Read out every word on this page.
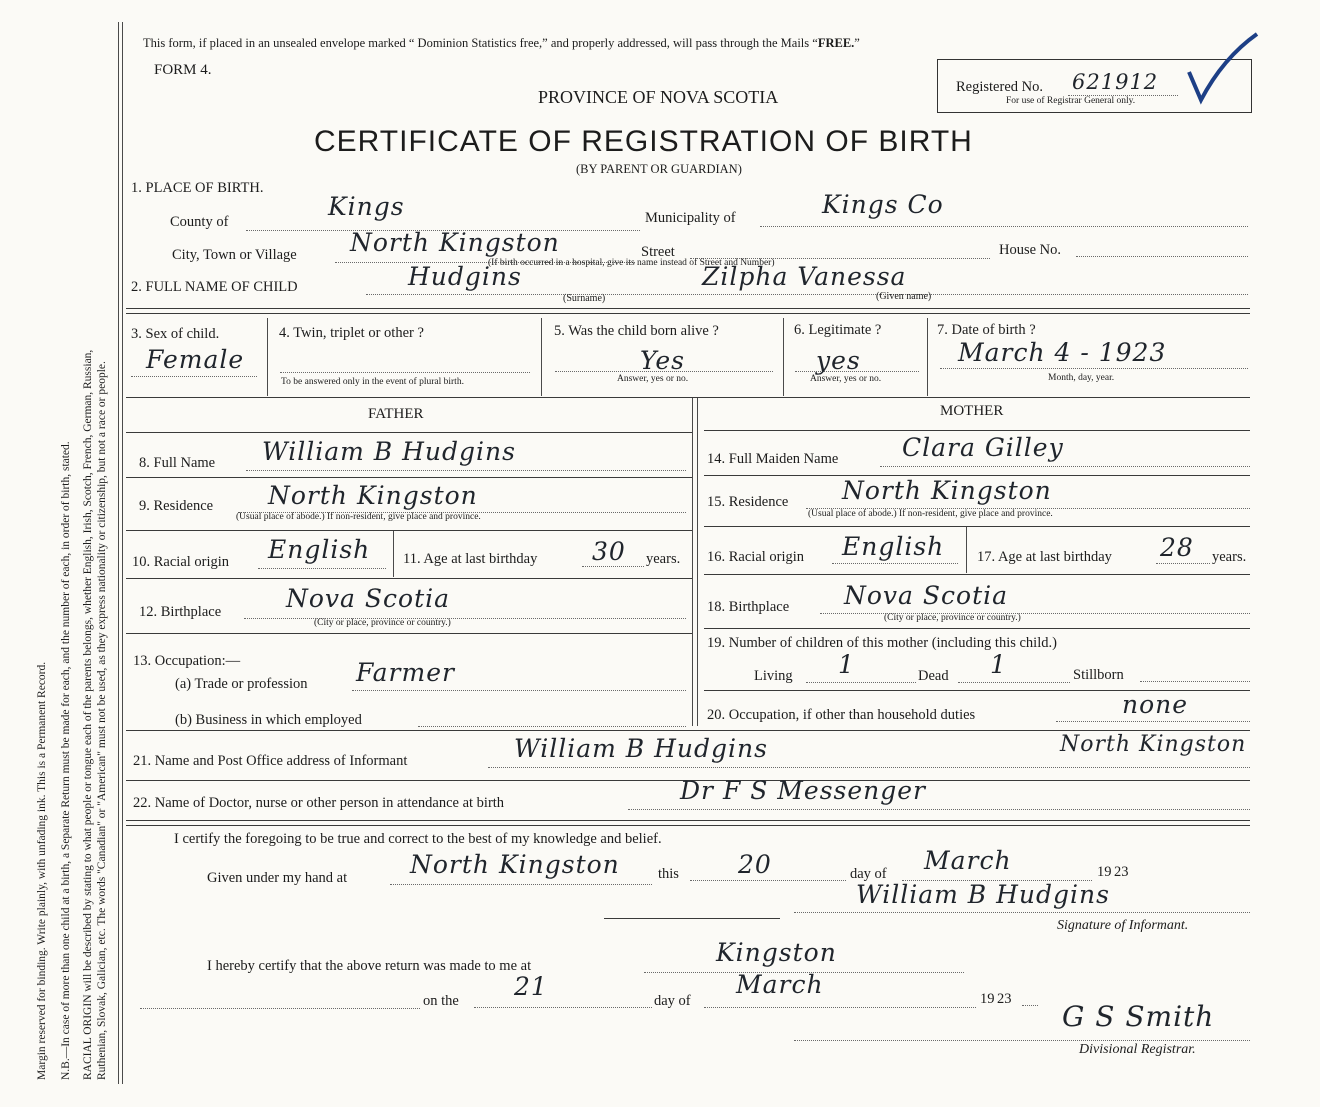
Margin reserved for binding. Write plainly, with unfading ink. This is a Permanent Record. N.B.—In case of more than one child at a birth, a Separate Return must be made for each, and the number of each, in order of birth, stated. RACIAL ORIGIN will be described by stating to what people or tongue each of the parents belongs, whether English, Irish, Scotch, French, German, Russian, Ruthenian, Slovak, Galician, etc. The words "Canadian" or "American" must not be used, as they express nationality or citizenship, but not a race or people.
This form, if placed in an unsealed envelope marked “ Dominion Statistics free,” and properly addressed, will pass through the Mails “FREE.”
FORM 4.
PROVINCE OF NOVA SCOTIA
CERTIFICATE OF REGISTRATION OF BIRTH
(BY PARENT OR GUARDIAN)
Registered No. 621912
For use of Registrar General only.
1. PLACE OF BIRTH.
County of
Kings	Municipality of	Kings Co
City, Town or Village North Kingston	Street	House No.
(If birth occurred in a hospital, give its name instead of Street and Number)
2. FULL NAME OF CHILD	Hudgins	Zilpha Vanessa
(Surname)	(Given name)
3. Sex of child.
Female
4. Twin, triplet or other ?
To be answered only in the event of plural birth.
5. Was the child born alive ?
Yes
Answer, yes or no.
6. Legitimate ?
yes
Answer, yes or no.
7. Date of birth ?
March 4 - 1923
Month, day, year.
FATHER	MOTHER
8. Full Name William B Hudgins
9. Residence North Kingston
(Usual place of abode.) If non-resident, give place and province.
10. Racial origin English 11. Age at last birthday 30 years.
12. Birthplace	Nova Scotia
(City or place, province or country.)
13. Occupation:—
(a) Trade or profession Farmer
(b) Business in which employed
14. Full Maiden Name	Clara Gilley
15. Residence North Kingston
(Usual place of abode.) If non-resident, give place and province.
16. Racial origin English 17. Age at last birthday 28 years.
18. Birthplace Nova Scotia
(City or place, province or country.)
19. Number of children of this mother (including this child.)
Living 1	Dead 1	Stillborn
20. Occupation, if other than household duties	none
21. Name and Post Office address of Informant	William B Hudgins	North Kingston
22. Name of Doctor, nurse or other person in attendance at birth	Dr F S Messenger
I certify the foregoing to be true and correct to the best of my knowledge and belief.
Given under my hand at	North Kingston	this 20	day of March	19 23
William B Hudgins
Signature of Informant.
I hereby certify that the above return was made to me at	Kingston
on the 21	day of
March	19 23
G S Smith
Divisional Registrar.
